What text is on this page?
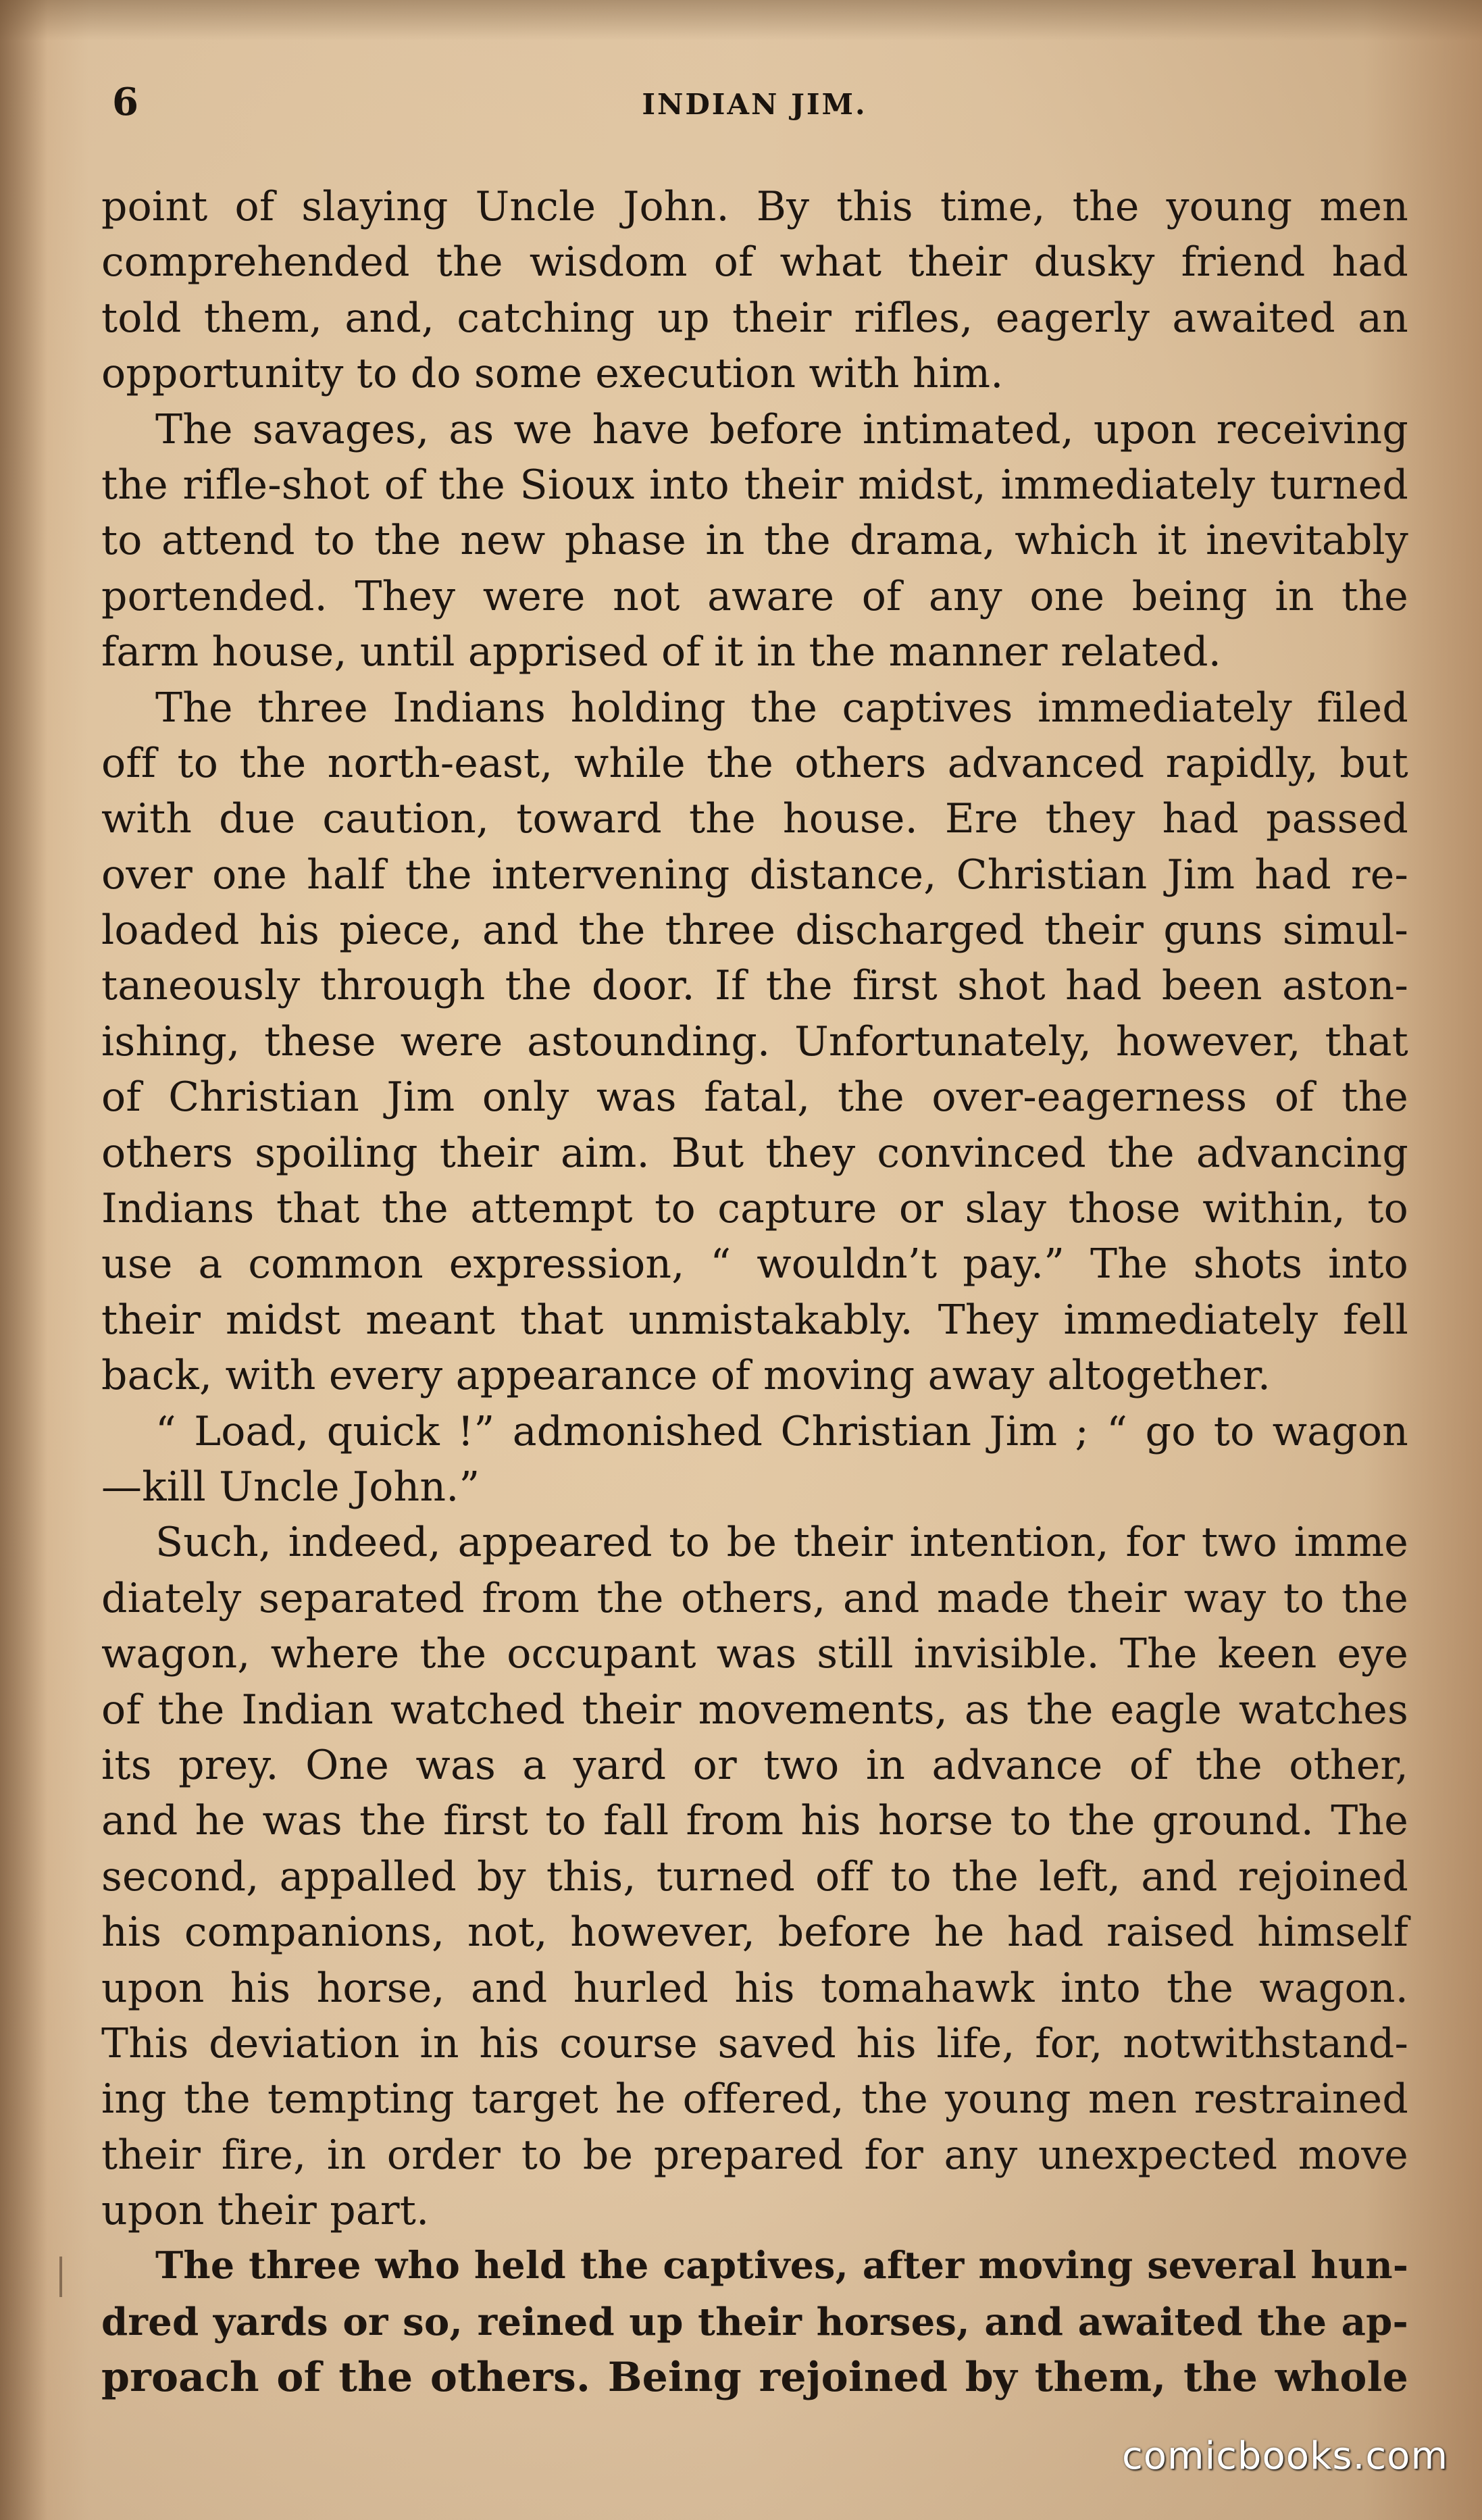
6	INDIAN JIM.
point of slaying Uncle John. By this time, the young men
comprehended the wisdom of what their dusky friend had
told them, and, catching up their rifles, eagerly awaited an
opportunity to do some execution with him.
The savages, as we have before intimated, upon receiving
the rifle-shot of the Sioux into their midst, immediately turned
to attend to the new phase in the drama, which it inevitably
portended. They were not aware of any one being in the
farm house, until apprised of it in the manner related.
The three Indians holding the captives immediately filed
off to the north-east, while the others advanced rapidly, but
with due caution, toward the house. Ere they had passed
over one half the intervening distance, Christian Jim had re-
loaded his piece, and the three discharged their guns simul-
taneously through the door. If the first shot had been aston-
ishing, these were astounding. Unfortunately, however, that
of Christian Jim only was fatal, the over-eagerness of the
others spoiling their aim. But they convinced the advancing
Indians that the attempt to capture or slay those within, to
use a common expression, “ wouldn’t pay.” The shots into
their midst meant that unmistakably. They immediately fell
back, with every appearance of moving away altogether.
“ Load, quick !” admonished Christian Jim ; “ go to wagon
—kill Uncle John.”
Such, indeed, appeared to be their intention, for two imme
diately separated from the others, and made their way to the
wagon, where the occupant was still invisible. The keen eye
of the Indian watched their movements, as the eagle watches
its prey. One was a yard or two in advance of the other,
and he was the first to fall from his horse to the ground. The
second, appalled by this, turned off to the left, and rejoined
his companions, not, however, before he had raised himself
upon his horse, and hurled his tomahawk into the wagon.
This deviation in his course saved his life, for, notwithstand-
ing the tempting target he offered, the young men restrained
their fire, in order to be prepared for any unexpected move
upon their part.
The three who held the captives, after moving several hun-
dred yards or so, reined up their horses, and awaited the ap-
proach of the others. Being rejoined by them, the whole
comicbooks.com
